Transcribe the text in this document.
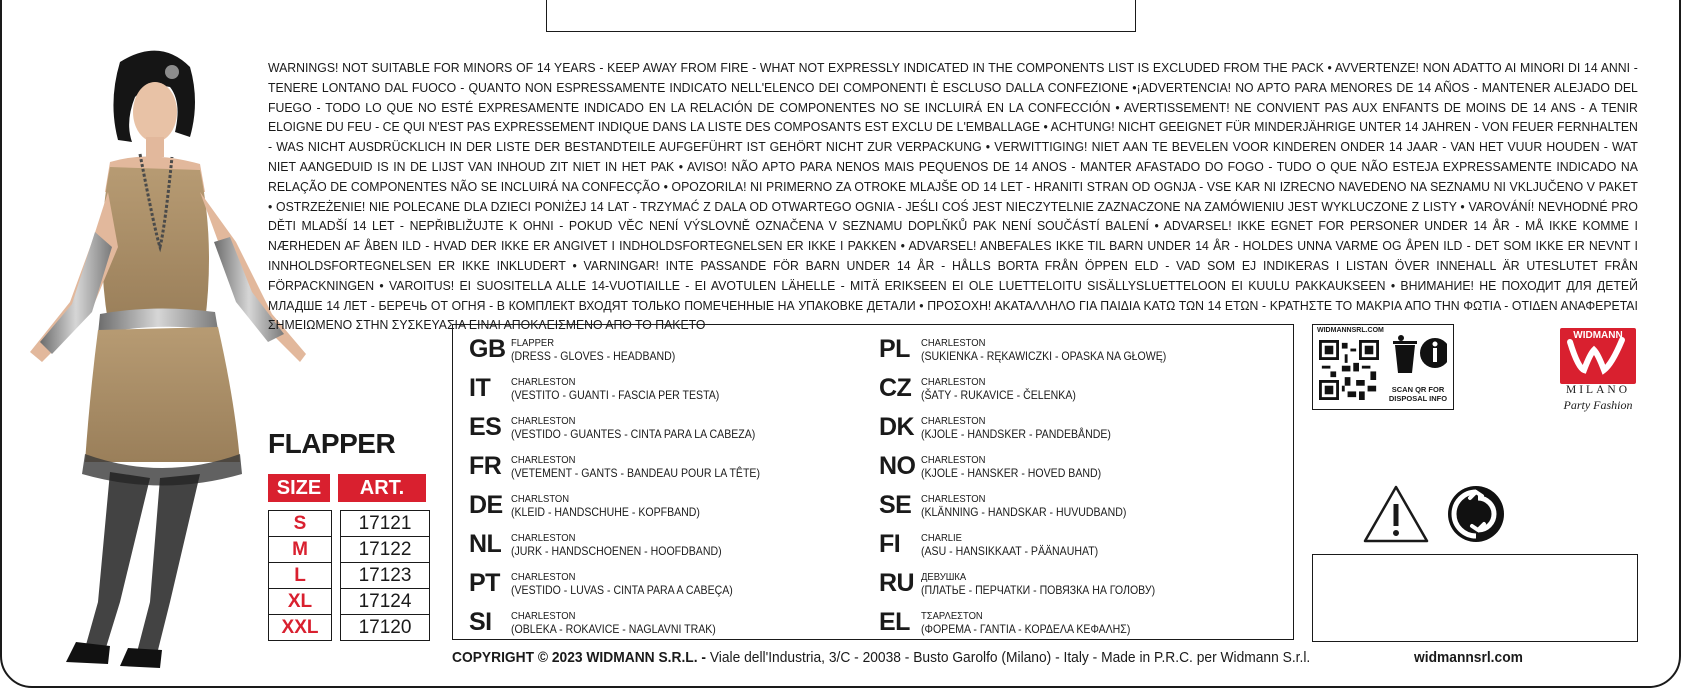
WARNINGS! NOT SUITABLE FOR MINORS OF 14 YEARS - KEEP AWAY FROM FIRE - WHAT NOT EXPRESSLY INDICATED IN THE COMPONENTS LIST IS EXCLUDED FROM THE PACK • AVVERTENZE! NON ADATTO AI MINORI DI 14 ANNI - TENERE LONTANO DAL FUOCO - QUANTO NON ESPRESSAMENTE INDICATO NELL'ELENCO DEI COMPONENTI È ESCLUSO DALLA CONFEZIONE •¡ADVERTENCIA! NO APTO PARA MENORES DE 14 AÑOS - MANTENER ALEJADO DEL FUEGO - TODO LO QUE NO ESTÉ EXPRESAMENTE INDICADO EN LA RELACIÓN DE COMPONENTES NO SE INCLUIRÁ EN LA CONFECCIÓN • AVERTISSEMENT! NE CONVIENT PAS AUX ENFANTS DE MOINS DE 14 ANS - A TENIR ELOIGNE DU FEU - CE QUI N'EST PAS EXPRESSEMENT INDIQUE DANS LA LISTE DES COMPOSANTS EST EXCLU DE L'EMBALLAGE • ACHTUNG! NICHT GEEIGNET FÜR MINDERJÄHRIGE UNTER 14 JAHREN - VON FEUER FERNHALTEN - WAS NICHT AUSDRÜCKLICH IN DER LISTE DER BESTANDTEILE AUFGEFÜHRT IST GEHÖRT NICHT ZUR VERPACKUNG • VERWITTIGING! NIET AAN TE BEVELEN VOOR KINDEREN ONDER 14 JAAR - VAN HET VUUR HOUDEN - WAT NIET AANGEDUID IS IN DE LIJST VAN INHOUD ZIT NIET IN HET PAK • AVISO! NÃO APTO PARA NENOS MAIS PEQUENOS DE 14 ANOS - MANTER AFASTADO DO FOGO - TUDO O QUE NÃO ESTEJA EXPRESSAMENTE INDICADO NA RELAÇÃO DE COMPONENTES NÃO SE INCLUIRÁ NA CONFECÇÃO • OPOZORILA! NI PRIMERNO ZA OTROKE MLAJŠE OD 14 LET - HRANITI STRAN OD OGNJA - VSE KAR NI IZRECNO NAVEDENO NA SEZNAMU NI VKLJUČENO V PAKET • OSTRZEŻENIE! NIE POLECANE DLA DZIECI PONIŻEJ 14 LAT - TRZYMAĆ Z DALA OD OTWARTEGO OGNIA - JEŚLI COŚ JEST NIECZYTELNIE ZAZNACZONE NA ZAMÓWIENIU JEST WYKLUCZONE Z LISTY • VAROVÁNÍ! NEVHODNÉ PRO DĚTI MLADŠÍ 14 LET - NEPŘIBLIŽUJTE K OHNI - POKUD VĚC NENÍ VÝSLOVNĚ OZNAČENA V SEZNAMU DOPLŇKŮ PAK NENÍ SOUČÁSTÍ BALENÍ • ADVARSEL! IKKE EGNET FOR PERSONER UNDER 14 ÅR - MÅ IKKE KOMME I NÆRHEDEN AF ÅBEN ILD - HVAD DER IKKE ER ANGIVET I INDHOLDSFORTEGNELSEN ER IKKE I PAKKEN • ADVARSEL! ANBEFALES IKKE TIL BARN UNDER 14 ÅR - HOLDES UNNA VARME OG ÅPEN ILD - DET SOM IKKE ER NEVNT I INNHOLDSFORTEGNELSEN ER IKKE INKLUDERT • VARNINGAR! INTE PASSANDE FÖR BARN UNDER 14 ÅR - HÅLLS BORTA FRÅN ÖPPEN ELD - VAD SOM EJ INDIKERAS I LISTAN ÖVER INNEHALL ÄR UTESLUTET FRÅN FÖRPACKNINGEN • VAROITUS! EI SUOSITELLA ALLE 14-VUOTIAILLE - EI AVOTULEN LÄHELLE - MITÄ ERIKSEEN EI OLE LUETTELOITU SISÄLLYSLUETTELOON EI KUULU PAKKAUKSEEN • ВНИМАНИЕ! НЕ ПОХОДИТ ДЛЯ ДЕТЕЙ МЛАДШЕ 14 ЛЕТ - БЕРЕЧЬ ОТ ОГНЯ - В КОМПЛЕКТ ВХОДЯТ ТОЛЬКО ПОМЕЧЕННЫЕ НА УПАКОВКЕ ДЕТАЛИ • ΠΡΟΣΟΧΗ! ΑΚΑΤΑΛΛΗΛΟ ΓΙΑ ΠΑΙΔΙΑ ΚΑΤΩ ΤΩΝ 14 ΕΤΩΝ - ΚΡΑΤΗΣΤΕ ΤΟ ΜΑΚΡΙΑ ΑΠΟ ΤΗΝ ΦΩΤΙΑ - ΟΤΙΔΕΝ ΑΝΑΦΕΡΕΤΑΙ ΣΗΜΕΙΩΜΕΝΟ ΣΤΗΝ ΣΥΣΚΕΥΑΣΙΑ ΕΙΝΑΙ ΑΠΟΚΛΕΙΣΜΕΝΟ ΑΠΟ ΤΟ ΠΑΚΕΤΟ
FLAPPER
SIZE	ART.
S		17121
M		17122
L		17123
XL		17124
XXL		17120
GB FLAPPER
(DRESS - GLOVES - HEADBAND)
IT	CHARLESTON
(VESTITO - GUANTI - FASCIA PER TESTA)
ES CHARLESTON
(VESTIDO - GUANTES - CINTA PARA LA CABEZA)
FR CHARLESTON
(VETEMENT - GANTS - BANDEAU POUR LA TÊTE)
DE CHARLSTON
(KLEID - HANDSCHUHE - KOPFBAND)
NL CHARLESTON
(JURK - HANDSCHOENEN - HOOFDBAND)
PT	CHARLESTON
(VESTIDO - LUVAS - CINTA PARA A CABEÇA)
SI	CHARLESTON
(OBLEKA - ROKAVICE - NAGLAVNI TRAK)
PL	CHARLESTON
(SUKIENKA - RĘKAWICZKI - OPASKA NA GŁOWĘ)
CZ CHARLESTON
(ŠATY - RUKAVICE - ČELENKA)
DK CHARLESTON
(KJOLE - HANDSKER - PANDEBÅNDE)
NO CHARLESTON
(KJOLE - HANSKER - HOVED BAND)
SE CHARLESTON
(KLÄNNING - HANDSKAR - HUVUDBAND)
FI	CHARLIE
(ASU - HANSIKKAAT - PÄÄNAUHAT)
RU ДЕВУШКА
(ПЛАТЬЕ - ПЕРЧАТКИ - ПОВЯЗКА НА ГОЛОВУ)
EL	ΤΣΑΡΛΕΣΤΟΝ
(ΦΟΡΕΜΑ - ΓΑΝΤΙΑ - ΚΟΡΔΕΛΑ ΚΕΦΑΛΗΣ)
WIDMANNSRL.COM
SCAN QR FOR DISPOSAL INFO
WIDMANN
MILANO
Party Fashion
COPYRIGHT © 2023 WIDMANN S.R.L. - Viale dell'Industria, 3/C - 20038 - Busto Garolfo (Milano) - Italy - Made in P.R.C. per Widmann S.r.l.	widmannsrl.com
